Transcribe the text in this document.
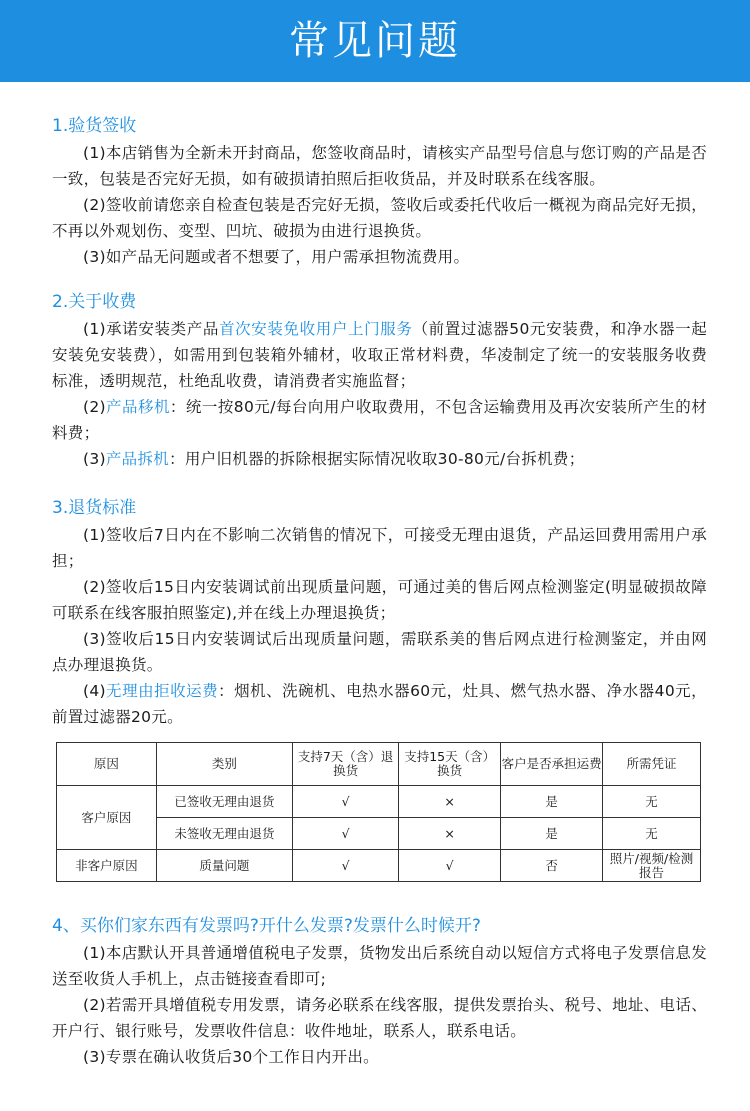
常见问题

1.验货签收

(1)本店销售为全新未开封商品，您签收商品时，请核实产品型号信息与您订购的产品是否一致，包装是否完好无损，如有破损请拍照后拒收货品，并及时联系在线客服。

(2)签收前请您亲自检查包装是否完好无损，签收后或委托代收后一概视为商品完好无损，不再以外观划伤、变型、凹坑、破损为由进行退换货。

(3)如产品无问题或者不想要了，用户需承担物流费用。

2.关于收费

(1)承诺安装类产品首次安装免收用户上门服务（前置过滤器50元安装费，和净水器一起安装免安装费），如需用到包装箱外辅材，收取正常材料费，华凌制定了统一的安装服务收费标准，透明规范，杜绝乱收费，请消费者实施监督；

(2)产品移机：统一按80元/每台向用户收取费用，不包含运输费用及再次安装所产生的材料费；

(3)产品拆机：用户旧机器的拆除根据实际情况收取30-80元/台拆机费；

3.退货标准

(1)签收后7日内在不影响二次销售的情况下，可接受无理由退货，产品运回费用需用户承担；

(2)签收后15日内安装调试前出现质量问题，可通过美的售后网点检测鉴定(明显破损故障可联系在线客服拍照鉴定),并在线上办理退换货；

(3)签收后15日内安装调试后出现质量问题，需联系美的售后网点进行检测鉴定，并由网点办理退换货。

(4)无理由拒收运费：烟机、洗碗机、电热水器60元，灶具、燃气热水器、净水器40元，前置过滤器20元。

原因	类别	支持7天（含）退换货	支持15天（含）换货	客户是否承担运费	所需凭证
客户原因	已签收无理由退货	√	×	是	无
	未签收无理由退货	√	×	是	无
非客户原因	质量问题	√	√	否	照片/视频/检测报告

4、买你们家东西有发票吗?开什么发票?发票什么时候开?

(1)本店默认开具普通增值税电子发票，货物发出后系统自动以短信方式将电子发票信息发送至收货人手机上，点击链接查看即可;

(2)若需开具增值税专用发票，请务必联系在线客服，提供发票抬头、税号、地址、电话、开户行、银行账号，发票收件信息：收件地址，联系人，联系电话。

(3)专票在确认收货后30个工作日内开出。
